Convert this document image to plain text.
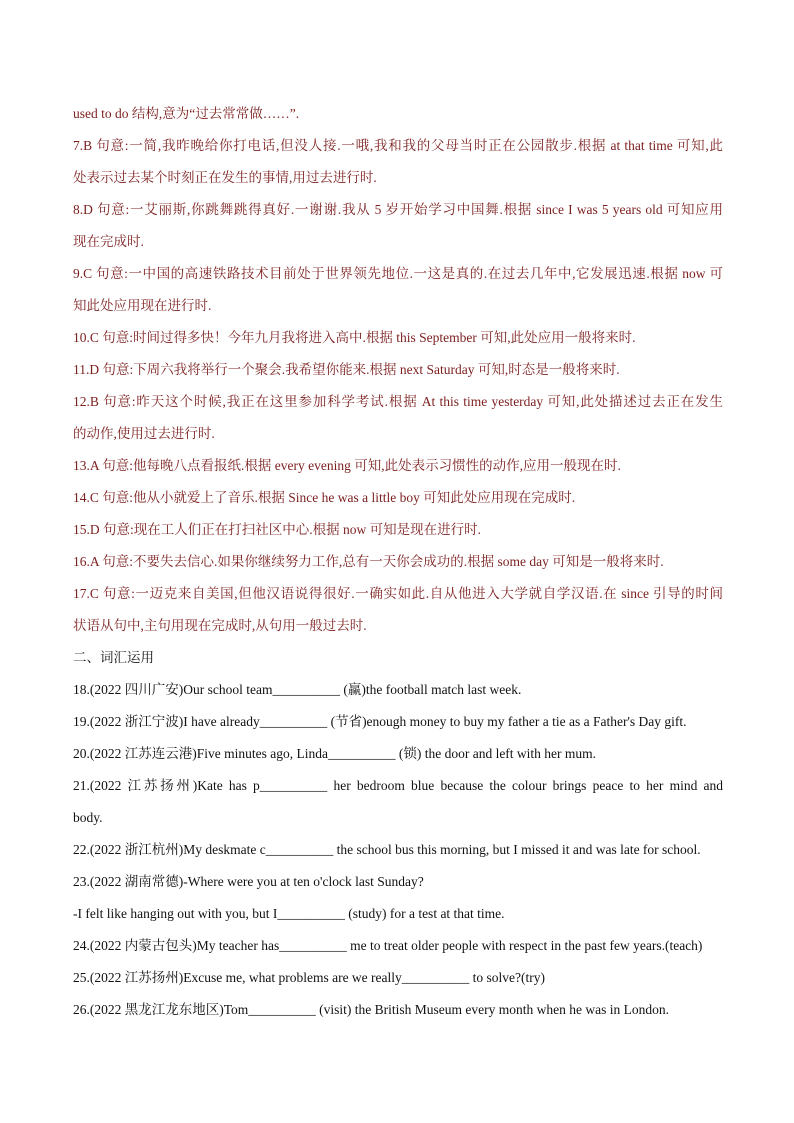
used to do 结构,意为“过去常常做……”.
7.B 句意:一简,我昨晚给你打电话,但没人接.一哦,我和我的父母当时正在公园散步.根据 at that time 可知,此
处表示过去某个时刻正在发生的事情,用过去进行时.
8.D 句意:一艾丽斯,你跳舞跳得真好.一谢谢.我从 5 岁开始学习中国舞.根据 since I was 5 years old 可知应用
现在完成时.
9.C 句意:一中国的高速铁路技术目前处于世界领先地位.一这是真的.在过去几年中,它发展迅速.根据 now 可
知此处应用现在进行时.
10.C 句意:时间过得多快！今年九月我将进入高中.根据 this September 可知,此处应用一般将来时.
11.D 句意:下周六我将举行一个聚会.我希望你能来.根据 next Saturday 可知,时态是一般将来时.
12.B 句意:昨天这个时候,我正在这里参加科学考试.根据 At this time yesterday 可知,此处描述过去正在发生
的动作,使用过去进行时.
13.A 句意:他每晚八点看报纸.根据 every evening 可知,此处表示习惯性的动作,应用一般现在时.
14.C 句意:他从小就爱上了音乐.根据 Since he was a little boy 可知此处应用现在完成时.
15.D 句意:现在工人们正在打扫社区中心.根据 now 可知是现在进行时.
16.A 句意:不要失去信心.如果你继续努力工作,总有一天你会成功的.根据 some day 可知是一般将来时.
17.C 句意:一迈克来自美国,但他汉语说得很好.一确实如此.自从他进入大学就自学汉语.在 since 引导的时间
状语从句中,主句用现在完成时,从句用一般过去时.
二、词汇运用
18.(2022 四川广安)Our school team__________ (赢)the football match last week.
19.(2022 浙江宁波)I have already__________ (节省)enough money to buy my father a tie as a Father's Day gift.
20.(2022 江苏连云港)Five minutes ago, Linda__________ (锁) the door and left with her mum.
21.(2022 江苏扬州)Kate has p__________ her bedroom blue because the colour brings peace to her mind and
body.
22.(2022 浙江杭州)My deskmate c__________ the school bus this morning, but I missed it and was late for school.
23.(2022 湖南常德)-Where were you at ten o'clock last Sunday?
-I felt like hanging out with you, but I__________ (study) for a test at that time.
24.(2022 内蒙古包头)My teacher has__________ me to treat older people with respect in the past few years.(teach)
25.(2022 江苏扬州)Excuse me, what problems are we really__________ to solve?(try)
26.(2022 黑龙江龙东地区)Tom__________ (visit) the British Museum every month when he was in London.
